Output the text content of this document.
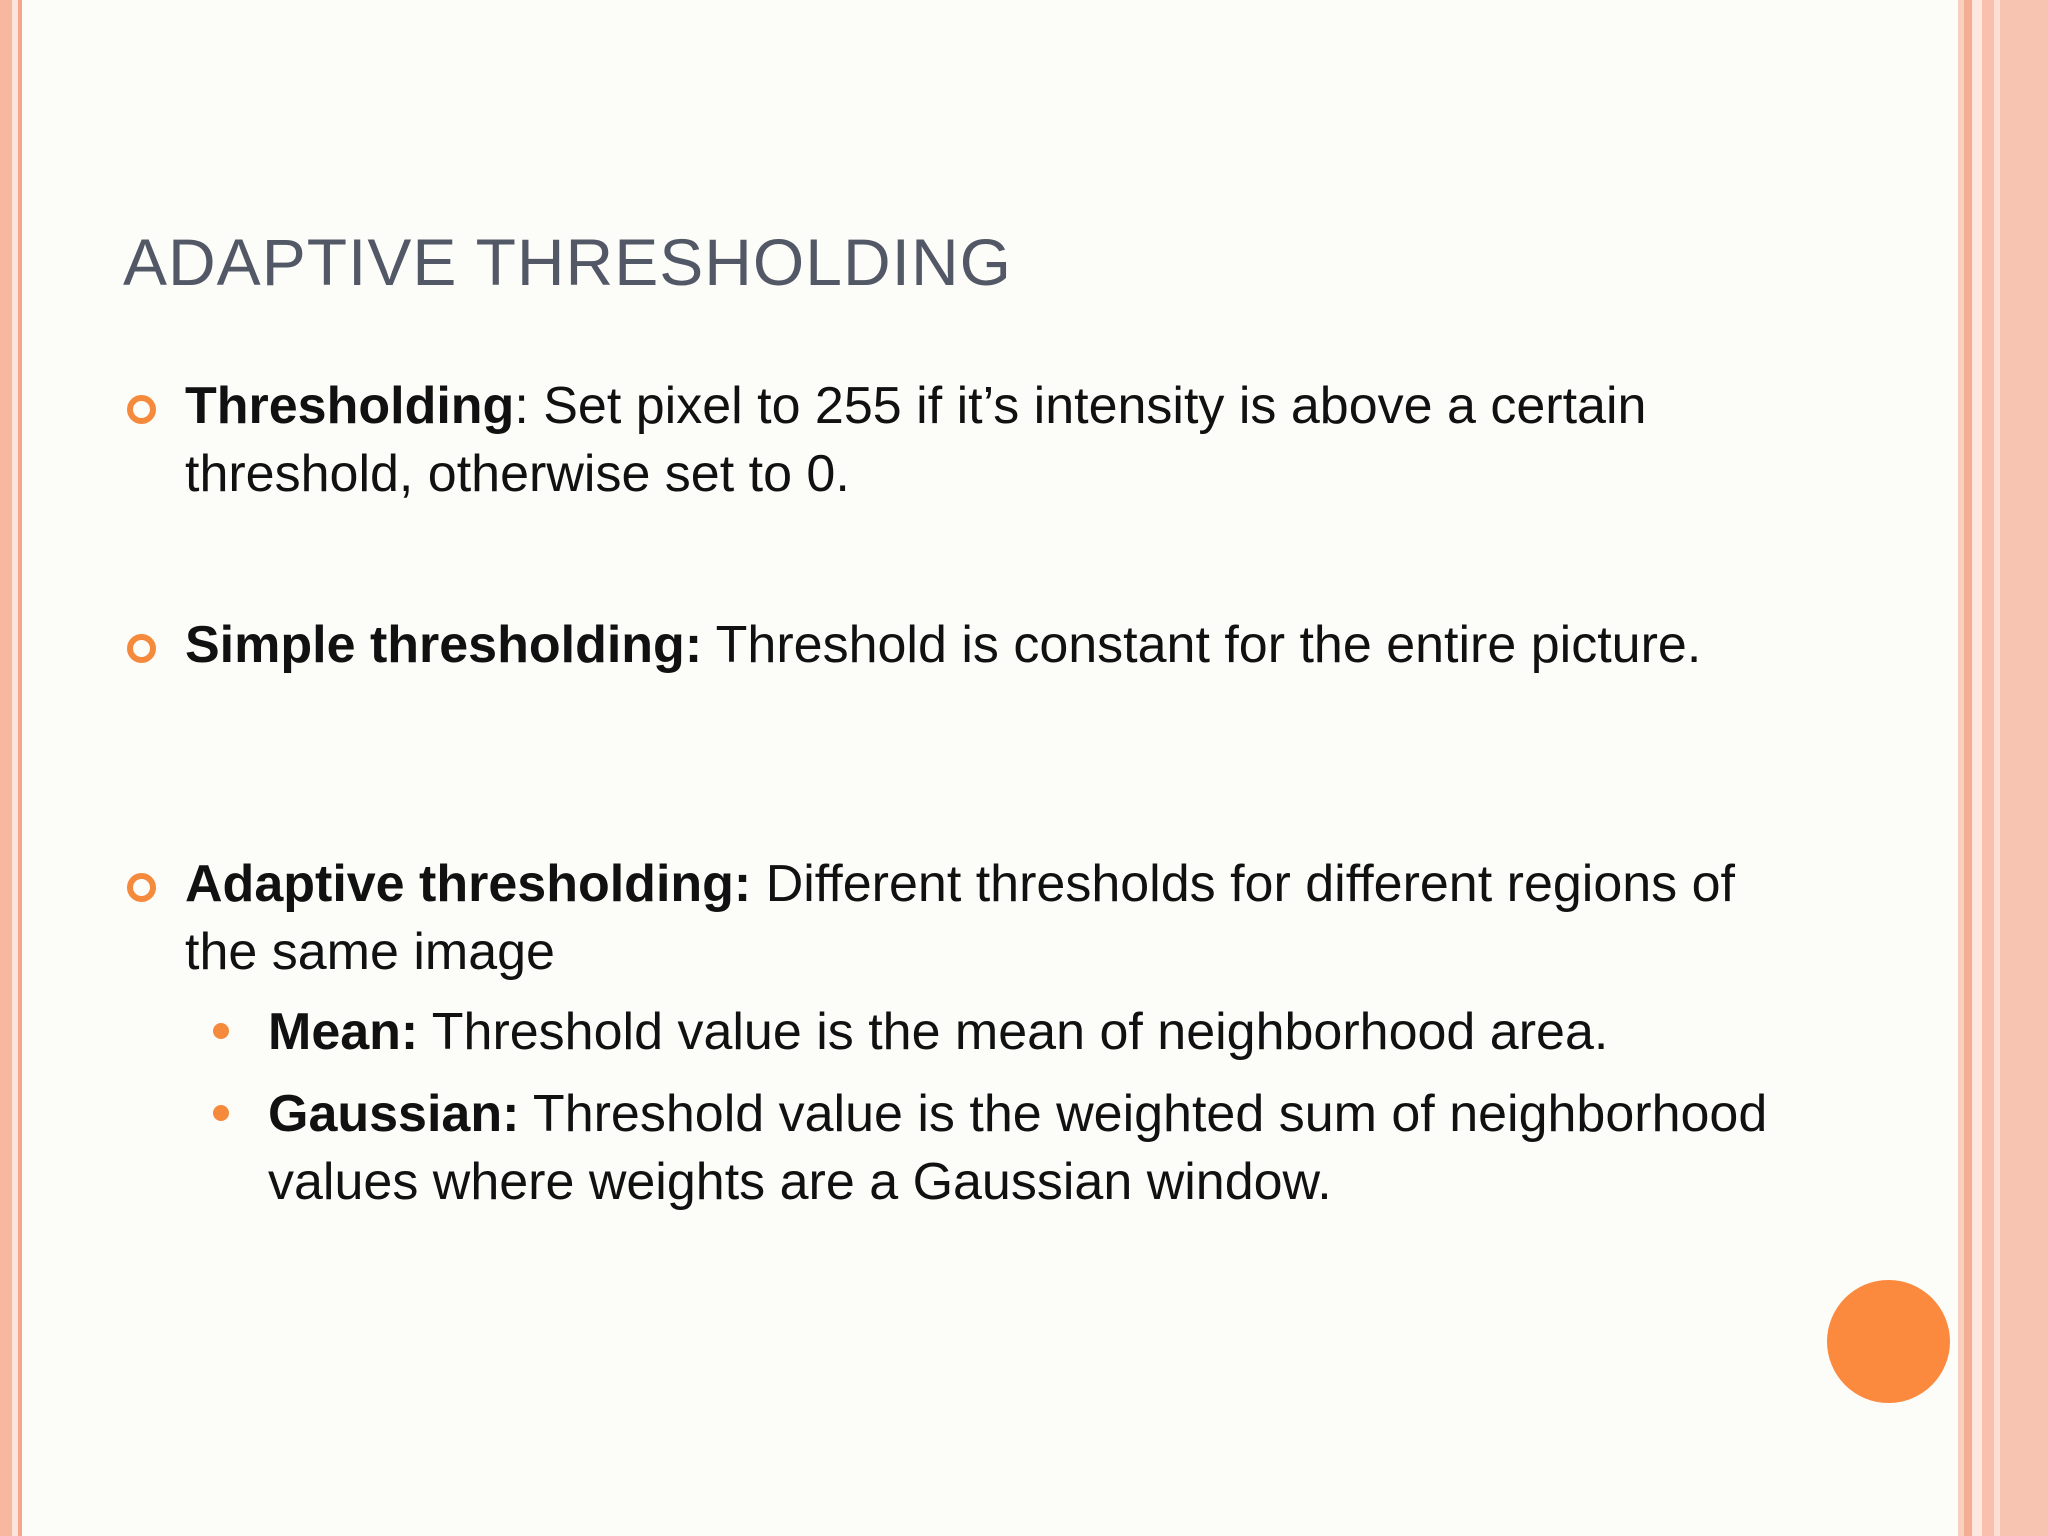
ADAPTIVE THRESHOLDING
Thresholding: Set pixel to 255 if it’s intensity is above a certain threshold, otherwise set to 0.
Simple thresholding: Threshold is constant for the entire picture.
Adaptive thresholding: Different thresholds for different regions of the same image
Mean: Threshold value is the mean of neighborhood area.
Gaussian: Threshold value is the weighted sum of neighborhood values where weights are a Gaussian window.
